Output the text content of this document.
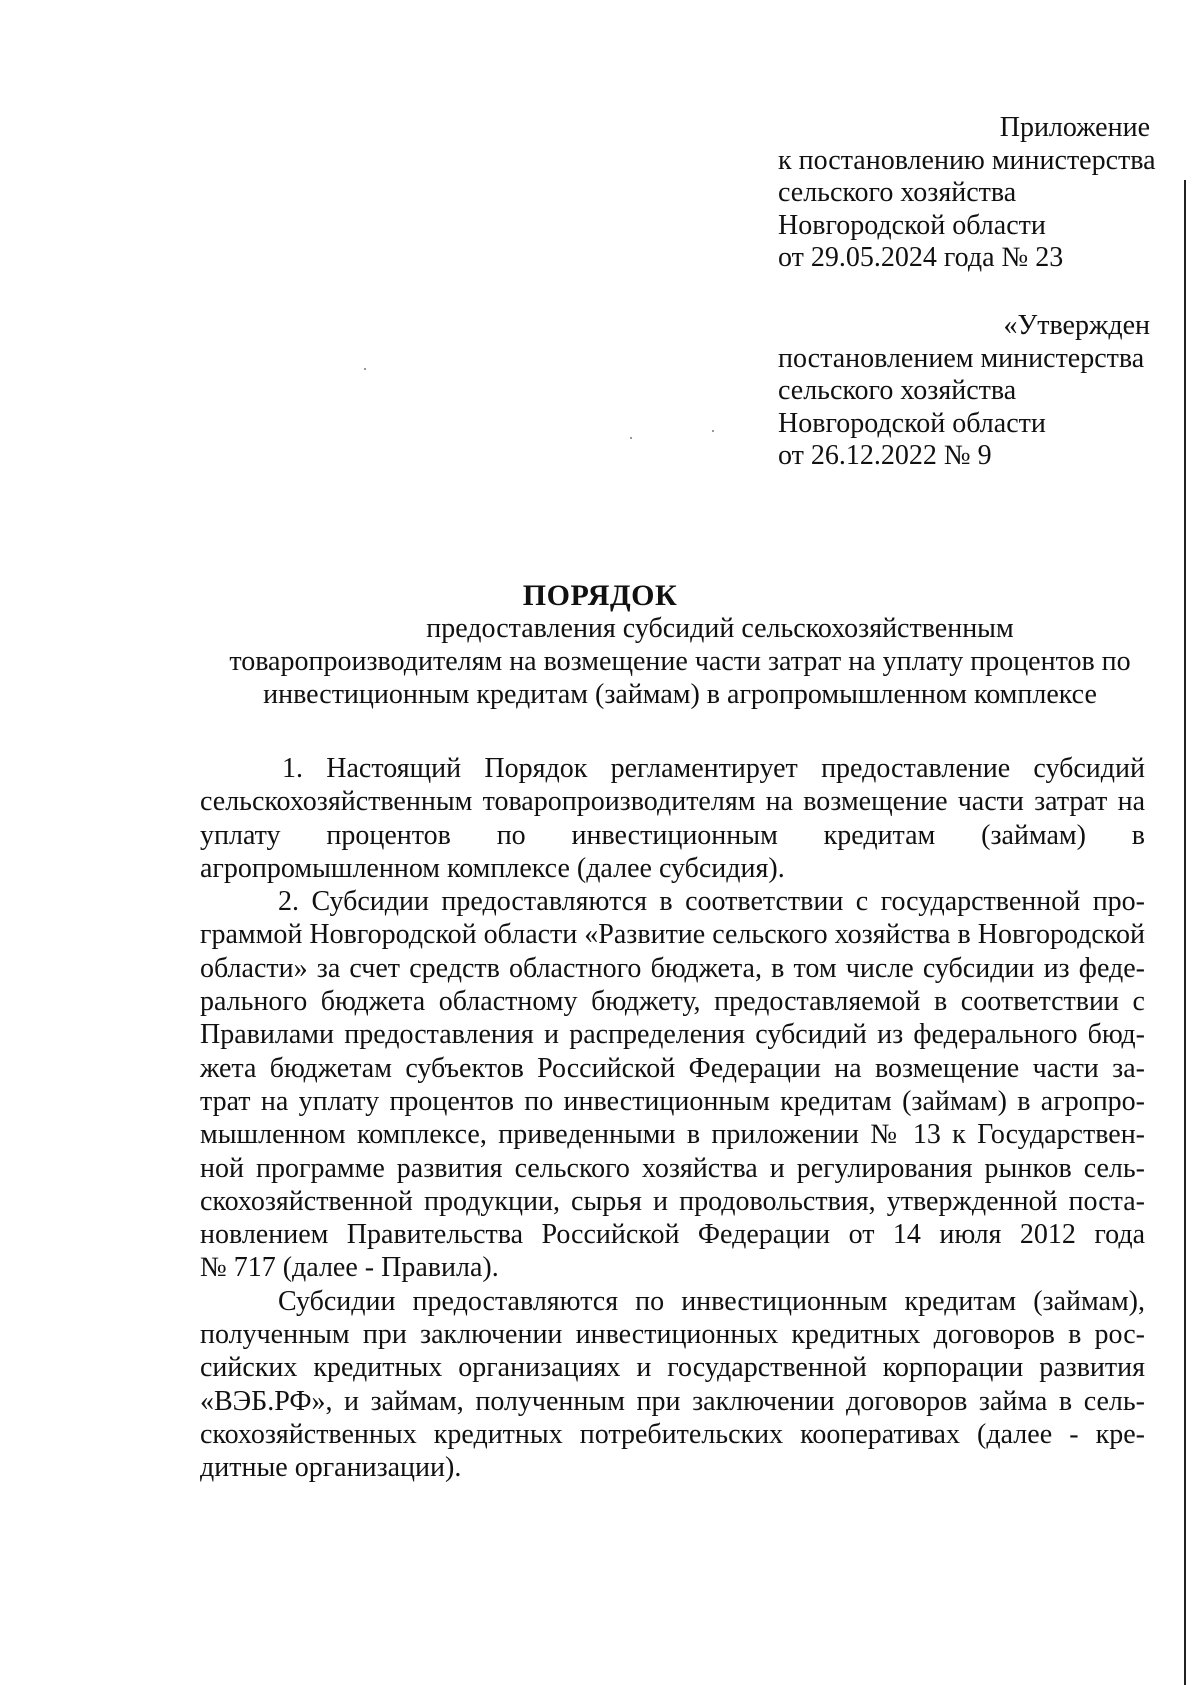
Приложение
к постановлению министерства
сельского хозяйства
Новгородской области
от 29.05.2024 года № 23
«Утвержден
постановлением министерства
сельского хозяйства
Новгородской области
от 26.12.2022 № 9
ПОРЯДОК
предоставления субсидий сельскохозяйственным
товаропроизводителям на возмещение части затрат на уплату процентов по
инвестиционным кредитам (займам) в агропромышленном комплексе
1. Настоящий Порядок регламентирует предоставление субсидий
сельскохозяйственным товаропроизводителям на возмещение части затрат на
уплату процентов по инвестиционным кредитам (займам) в
агропромышленном комплексе (далее субсидия).
2. Субсидии предоставляются в соответствии с государственной про-
граммой Новгородской области «Развитие сельского хозяйства в Новгородской
области» за счет средств областного бюджета, в том числе субсидии из феде-
рального бюджета областному бюджету, предоставляемой в соответствии с
Правилами предоставления и распределения субсидий из федерального бюд-
жета бюджетам субъектов Российской Федерации на возмещение части за-
трат на уплату процентов по инвестиционным кредитам (займам) в агропро-
мышленном комплексе, приведенными в приложении № 13 к Государствен-
ной программе развития сельского хозяйства и регулирования рынков сель-
скохозяйственной продукции, сырья и продовольствия, утвержденной поста-
новлением Правительства Российской Федерации от 14 июля 2012 года
№ 717 (далее - Правила).
Субсидии предоставляются по инвестиционным кредитам (займам),
полученным при заключении инвестиционных кредитных договоров в рос-
сийских кредитных организациях и государственной корпорации развития
«ВЭБ.РФ», и займам, полученным при заключении договоров займа в сель-
скохозяйственных кредитных потребительских кооперативах (далее - кре-
дитные организации).
